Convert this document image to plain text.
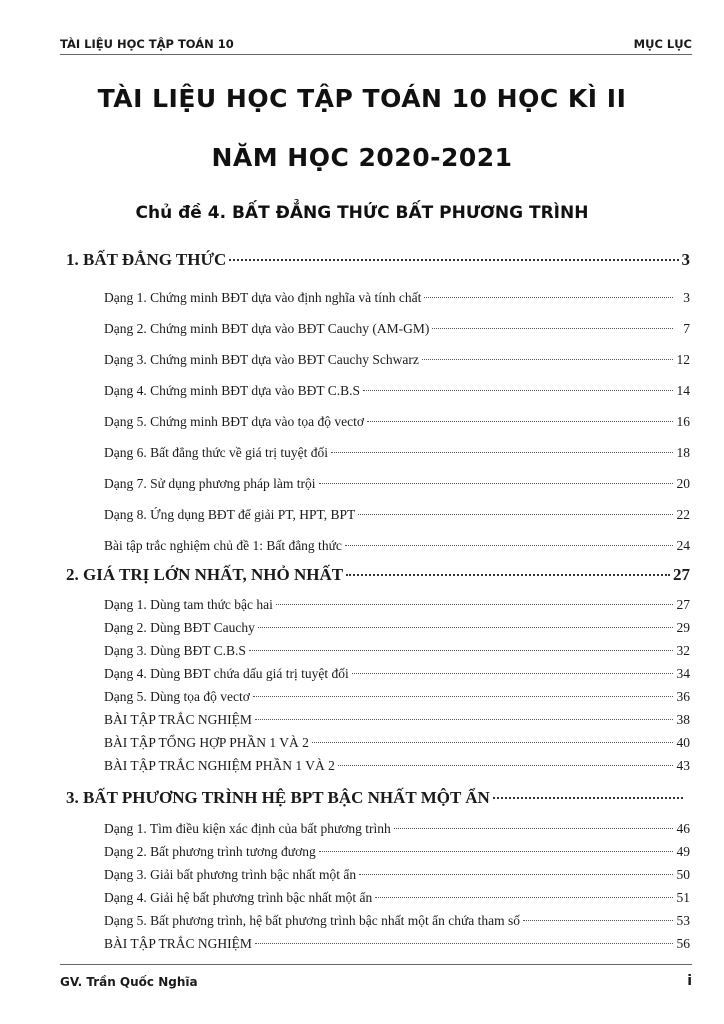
TÀI LIỆU HỌC TẬP TOÁN 10	MỤC LỤC
TÀI LIỆU HỌC TẬP TOÁN 10 HỌC KÌ II
NĂM HỌC 2020-2021
Chủ đề 4. BẤT ĐẲNG THỨC BẤT PHƯƠNG TRÌNH
1. BẤT ĐẲNG THỨC	3
Dạng 1. Chứng minh BĐT dựa vào định nghĩa và tính chất	3
Dạng 2. Chứng minh BĐT dựa vào BĐT Cauchy (AM-GM)	7
Dạng 3. Chứng minh BĐT dựa vào BĐT Cauchy Schwarz	12
Dạng 4. Chứng minh BĐT dựa vào BĐT C.B.S	14
Dạng 5. Chứng minh BĐT dựa vào tọa độ vectơ	16
Dạng 6. Bất đẳng thức về giá trị tuyệt đối	18
Dạng 7. Sử dụng phương pháp làm trội	20
Dạng 8. Ứng dụng BĐT để giải PT, HPT, BPT	22
Bài tập trắc nghiệm chủ đề 1: Bất đẳng thức	24
2. GIÁ TRỊ LỚN NHẤT, NHỎ NHẤT	27
Dạng 1. Dùng tam thức bậc hai	27
Dạng 2. Dùng BĐT Cauchy	29
Dạng 3. Dùng BĐT C.B.S	32
Dạng 4. Dùng BĐT chứa dấu giá trị tuyệt đối	34
Dạng 5. Dùng tọa độ vectơ	36
BÀI TẬP TRẮC NGHIỆM	38
BÀI TẬP TỔNG HỢP PHẦN 1 VÀ 2	40
BÀI TẬP TRẮC NGHIỆM PHẦN 1 VÀ 2	43
3. BẤT PHƯƠNG TRÌNH HỆ BPT BẬC NHẤT MỘT ẨN
Dạng 1. Tìm điều kiện xác định của bất phương trình	46
Dạng 2. Bất phương trình tương đương	49
Dạng 3. Giải bất phương trình bậc nhất một ẩn	50
Dạng 4. Giải hệ bất phương trình bậc nhất một ẩn	51
Dạng 5. Bất phương trình, hệ bất phương trình bậc nhất một ẩn chứa tham số	53
BÀI TẬP TRẮC NGHIỆM	56
GV. Trần Quốc Nghĩa	i
